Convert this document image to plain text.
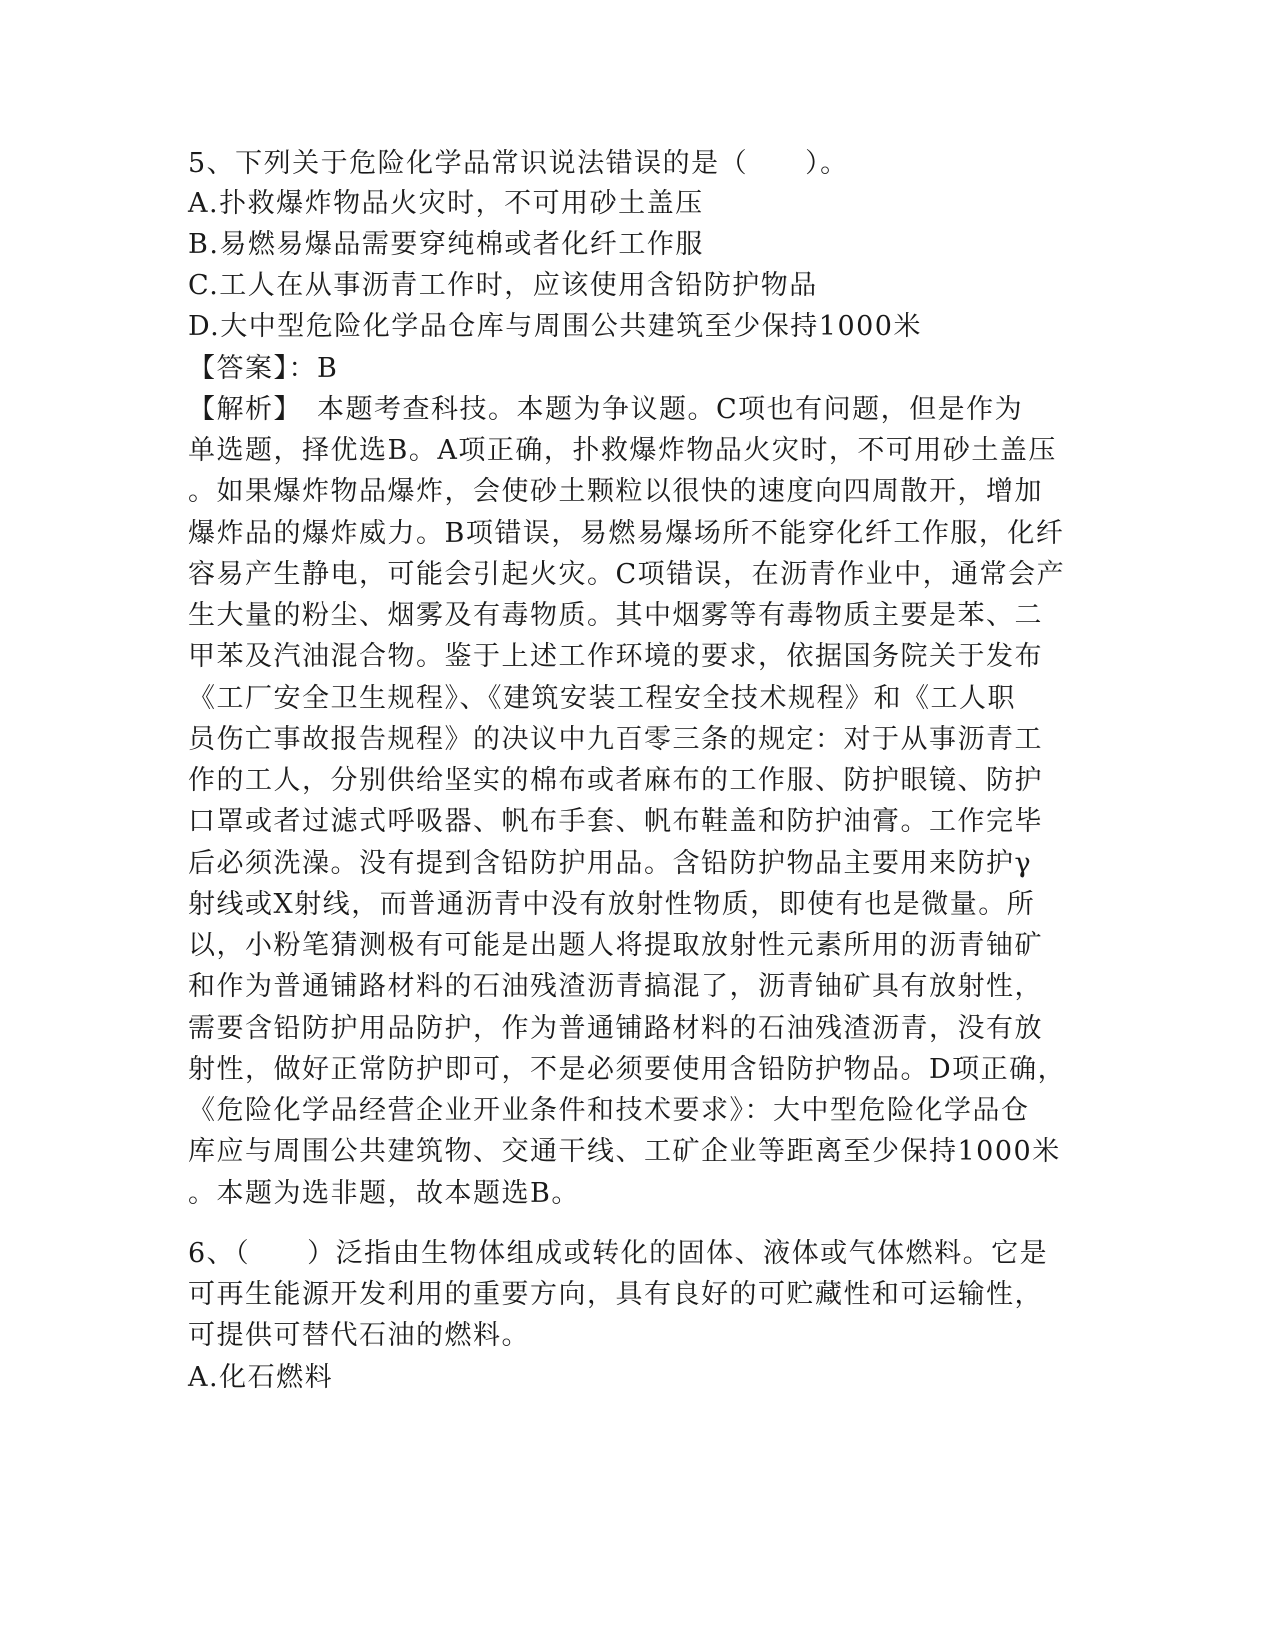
5、下列关于危险化学品常识说法错误的是（　　）。
A.扑救爆炸物品火灾时，不可用砂土盖压
B.易燃易爆品需要穿纯棉或者化纤工作服
C.工人在从事沥青工作时，应该使用含铅防护物品
D.大中型危险化学品仓库与周围公共建筑至少保持1000米
【答案】：B
【解析】　本题考查科技。本题为争议题。C项也有问题，但是作为
单选题，择优选B。A项正确，扑救爆炸物品火灾时，不可用砂土盖压
。如果爆炸物品爆炸，会使砂土颗粒以很快的速度向四周散开，增加
爆炸品的爆炸威力。B项错误，易燃易爆场所不能穿化纤工作服，化纤
容易产生静电，可能会引起火灾。C项错误，在沥青作业中，通常会产
生大量的粉尘、烟雾及有毒物质。其中烟雾等有毒物质主要是苯、二
甲苯及汽油混合物。鉴于上述工作环境的要求，依据国务院关于发布
《工厂安全卫生规程》、《建筑安装工程安全技术规程》和《工人职
员伤亡事故报告规程》的决议中九百零三条的规定：对于从事沥青工
作的工人，分别供给坚实的棉布或者麻布的工作服、防护眼镜、防护
口罩或者过滤式呼吸器、帆布手套、帆布鞋盖和防护油膏。工作完毕
后必须洗澡。没有提到含铅防护用品。含铅防护物品主要用来防护γ
射线或X射线，而普通沥青中没有放射性物质，即使有也是微量。所
以，小粉笔猜测极有可能是出题人将提取放射性元素所用的沥青铀矿
和作为普通铺路材料的石油残渣沥青搞混了，沥青铀矿具有放射性，
需要含铅防护用品防护，作为普通铺路材料的石油残渣沥青，没有放
射性，做好正常防护即可，不是必须要使用含铅防护物品。D项正确，
《危险化学品经营企业开业条件和技术要求》：大中型危险化学品仓
库应与周围公共建筑物、交通干线、工矿企业等距离至少保持1000米
。本题为选非题，故本题选B。
6、（　　）泛指由生物体组成或转化的固体、液体或气体燃料。它是
可再生能源开发利用的重要方向，具有良好的可贮藏性和可运输性，
可提供可替代石油的燃料。
A.化石燃料
